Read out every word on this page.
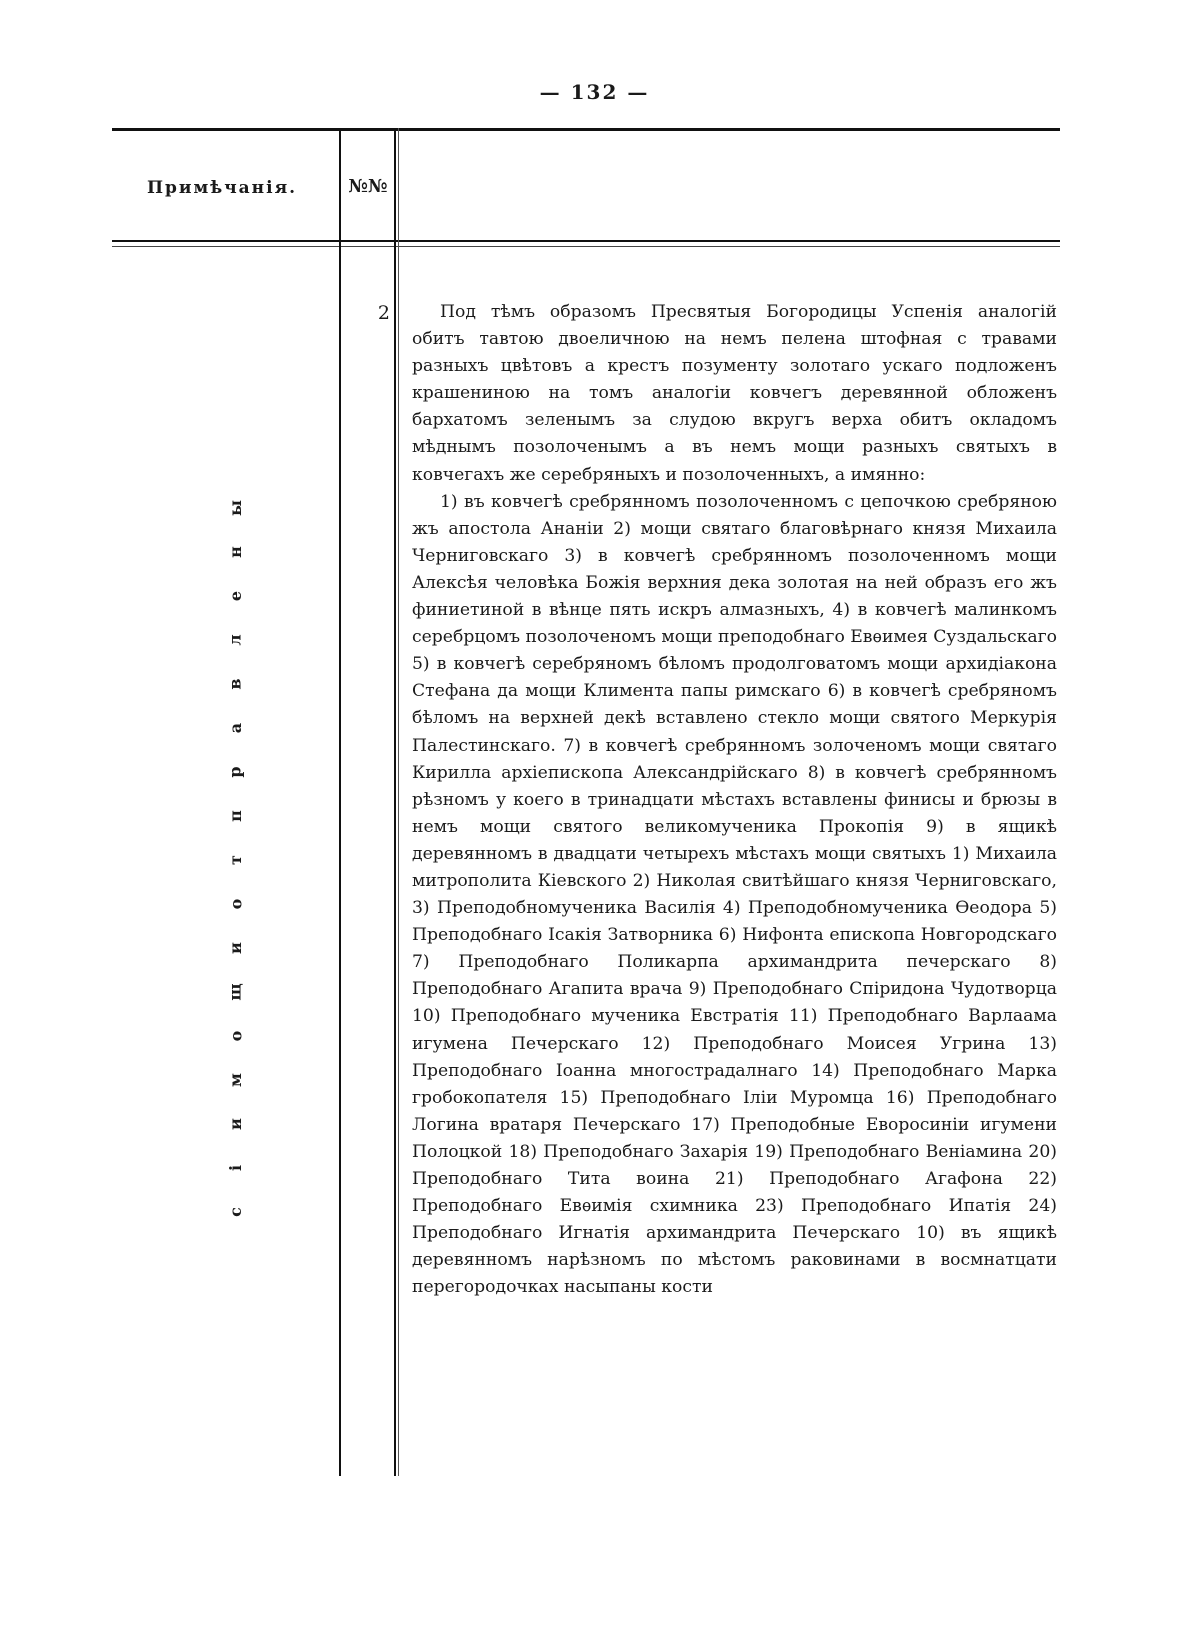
— 132 —
Примѣчанія.	№№
2
ы
н
е
л
в
а
р
п
т
о
и
щ
о
м
и
і
с

Под тѣмъ образомъ Пресвятыя Богородицы Успенія аналогій обитъ тавтою двоеличною на немъ пелена штофная с травами разныхъ цвѣтовъ а крестъ позументу золотаго ускаго подложенъ крашениною на томъ аналогіи ковчегъ деревянной обложенъ бархатомъ зеленымъ за слудою вкругъ верха обитъ окладомъ мѣднымъ позолоченымъ а въ немъ мощи разныхъ святыхъ в ковчегахъ же серебряныхъ и позолоченныхъ, а имянно:

1) въ ковчегѣ сребрянномъ позолоченномъ с цепочкою сребряною жъ апостола Ананіи 2) мощи святаго благовѣрнаго князя Михаила Черниговскаго 3) в ковчегѣ сребрянномъ позолоченномъ мощи Алексѣя человѣка Божія верхния дека золотая на ней образъ его жъ финиетиной в вѣнце пять искръ алмазныхъ, 4) в ковчегѣ малинкомъ серебрцомъ позолоченомъ мощи преподобнаго Евѳимея Суздальскаго 5) в ковчегѣ серебряномъ бѣломъ продолговатомъ мощи архидіакона Стефана да мощи Климента папы римскаго 6) в ковчегѣ сребряномъ бѣломъ на верхней декѣ вставлено стекло мощи святого Меркурія Палестинскаго. 7) в ковчегѣ сребрянномъ золоченомъ мощи святаго Кирилла архіепископа Александрійскаго 8) в ковчегѣ сребрянномъ рѣзномъ у коего в тринадцати мѣстахъ вставлены финисы и брюзы в немъ мощи святого великомученика Прокопія 9) в ящикѣ деревянномъ в двадцати четырехъ мѣстахъ мощи святыхъ 1) Михаила митрополита Кіевского 2) Николая свитѣйшаго князя Черниговскаго, 3) Преподобномученика Василія 4) Преподобномученика Ѳеодора 5) Преподобнаго Ісакія Затворника 6) Нифонта епископа Новгородскаго 7) Преподобнаго Поликарпа архимандрита печерскаго 8) Преподобнаго Агапита врача 9) Преподобнаго Спiридона Чудотворца 10) Преподобнаго мученика Евстратія 11) Преподобнаго Варлаама игумена Печерскаго 12) Преподобнаго Моисея Угрина 13) Преподобнаго Іоанна многострадалнаго 14) Преподобнаго Марка гробокопателя 15) Преподобнаго Іліи Муромца 16) Преподобнаго Логина вратаря Печерскаго 17) Преподобные Еворосиніи игумени Полоцкой 18) Преподобнаго Захарія 19) Преподобнаго Веніамина 20) Преподобнаго Тита воина 21) Преподобнаго Агафона 22) Преподобнаго Евѳимія схимника 23) Преподобнаго Ипатія 24) Преподобнаго Игнатія архимандрита Печерскаго 10) въ ящикѣ деревянномъ нарѣзномъ по мѣстомъ раковинами в восмнатцати перегородочках насыпаны кости
